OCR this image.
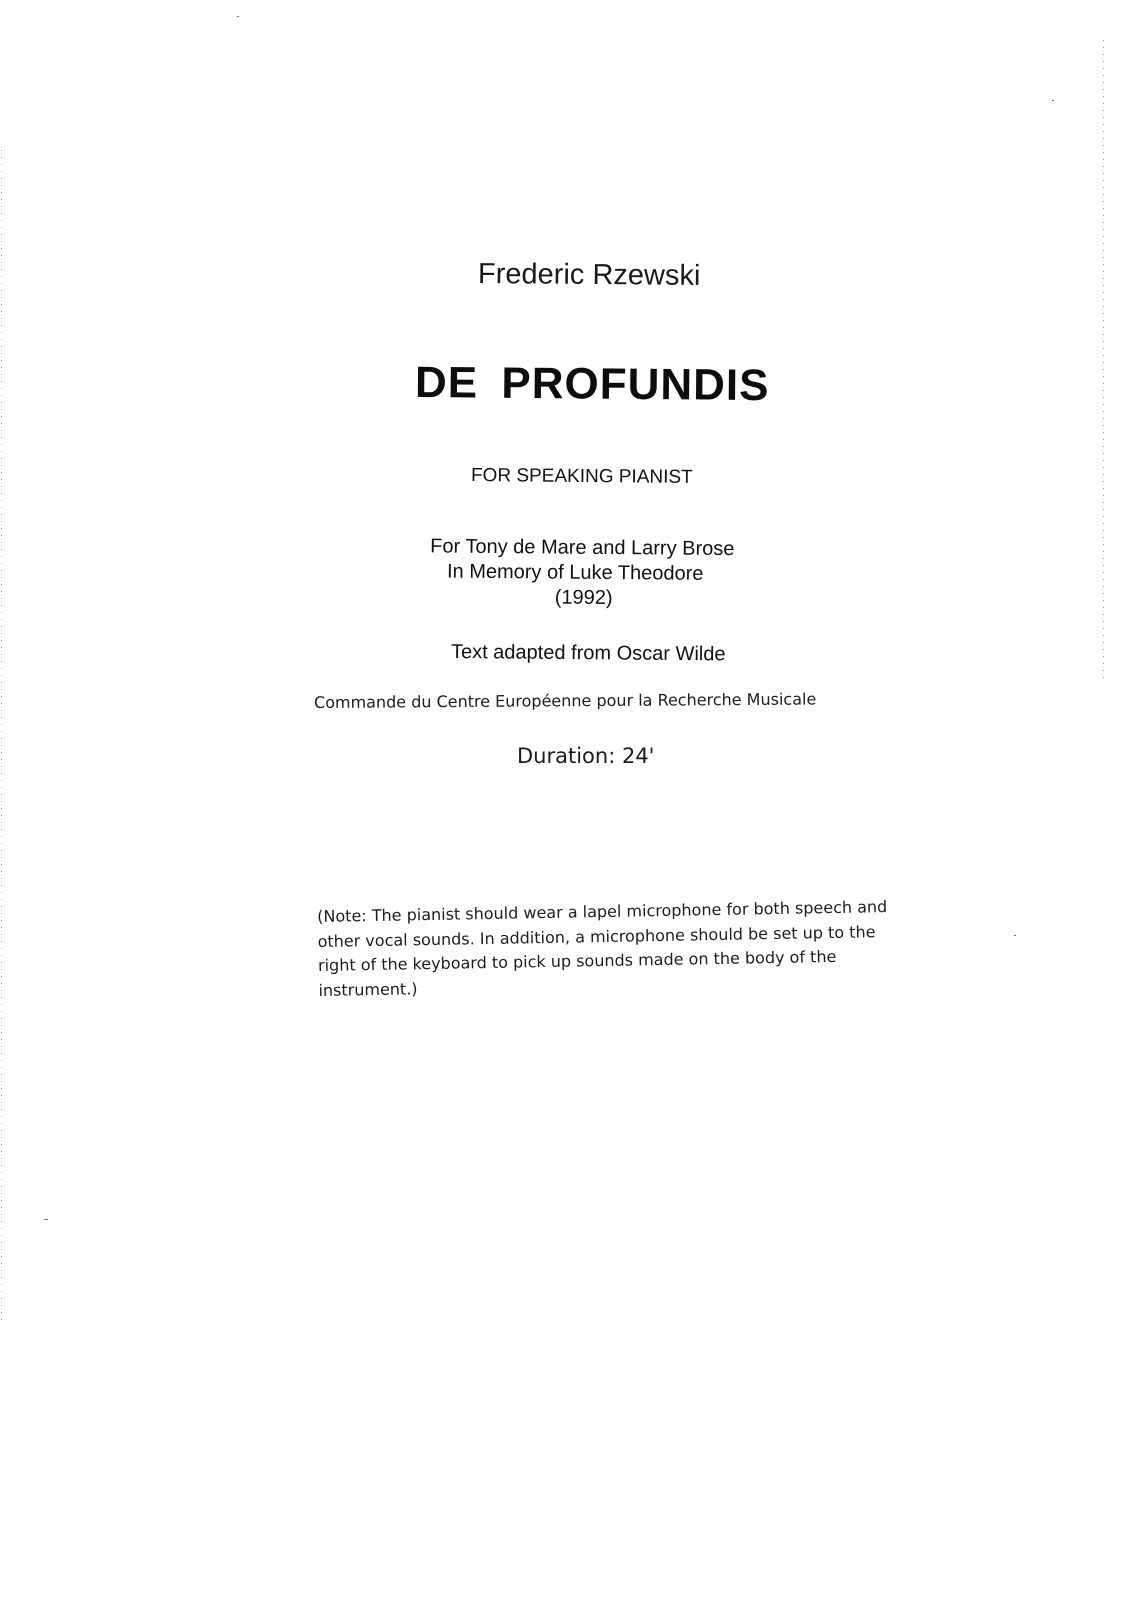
Frederic Rzewski
DE PROFUNDIS
FOR SPEAKING PIANIST
For Tony de Mare and Larry Brose
In Memory of Luke Theodore
(1992)
Text adapted from Oscar Wilde
Commande du Centre Européenne pour la Recherche Musicale
Duration: 24'
(Note: The pianist should wear a lapel microphone for both speech and
other vocal sounds. In addition, a microphone should be set up to the
right of the keyboard to pick up sounds made on the body of the
instrument.)
